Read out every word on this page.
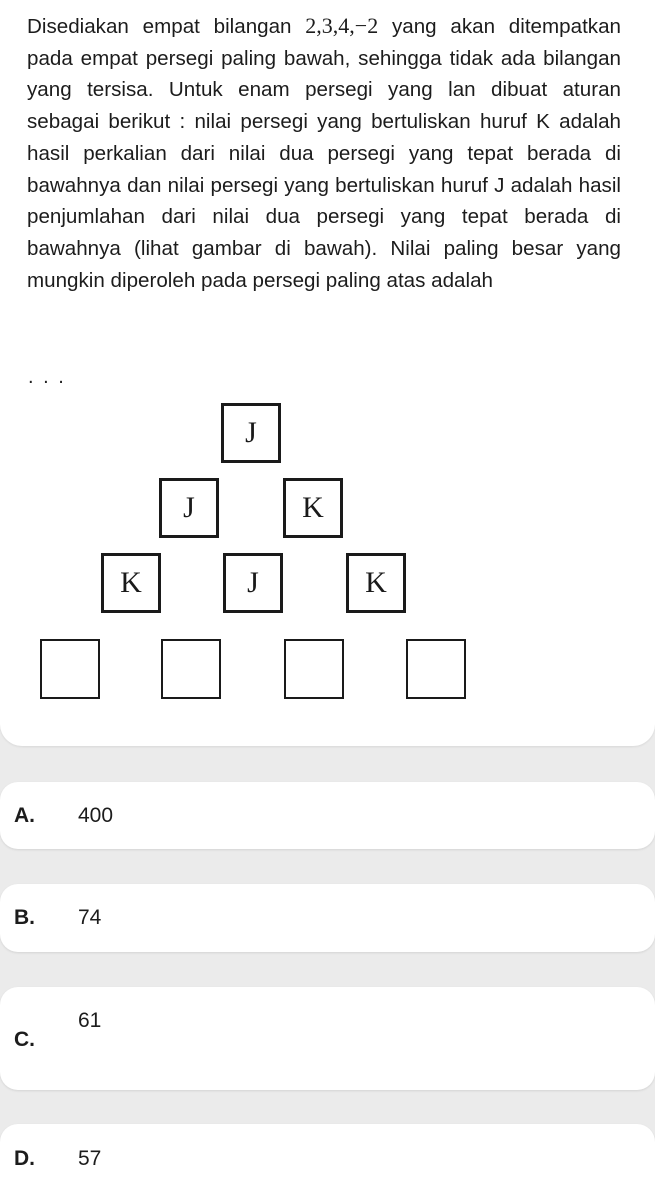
Disediakan empat bilangan 2,3,4,−2 yang akan ditempatkan pada empat persegi paling bawah, sehingga tidak ada bilangan yang tersisa. Untuk enam persegi yang lan dibuat aturan sebagai berikut : nilai persegi yang bertuliskan huruf K adalah hasil perkalian dari nilai dua persegi yang tepat berada di bawahnya dan nilai persegi yang bertuliskan huruf J adalah hasil penjumlahan dari nilai dua persegi yang tepat berada di bawahnya (lihat gambar di bawah). Nilai paling besar yang mungkin diperoleh pada persegi paling atas adalah
. . .
J
J	K
K	J	K
A. 400
B. 74
C.
61
D. 57
